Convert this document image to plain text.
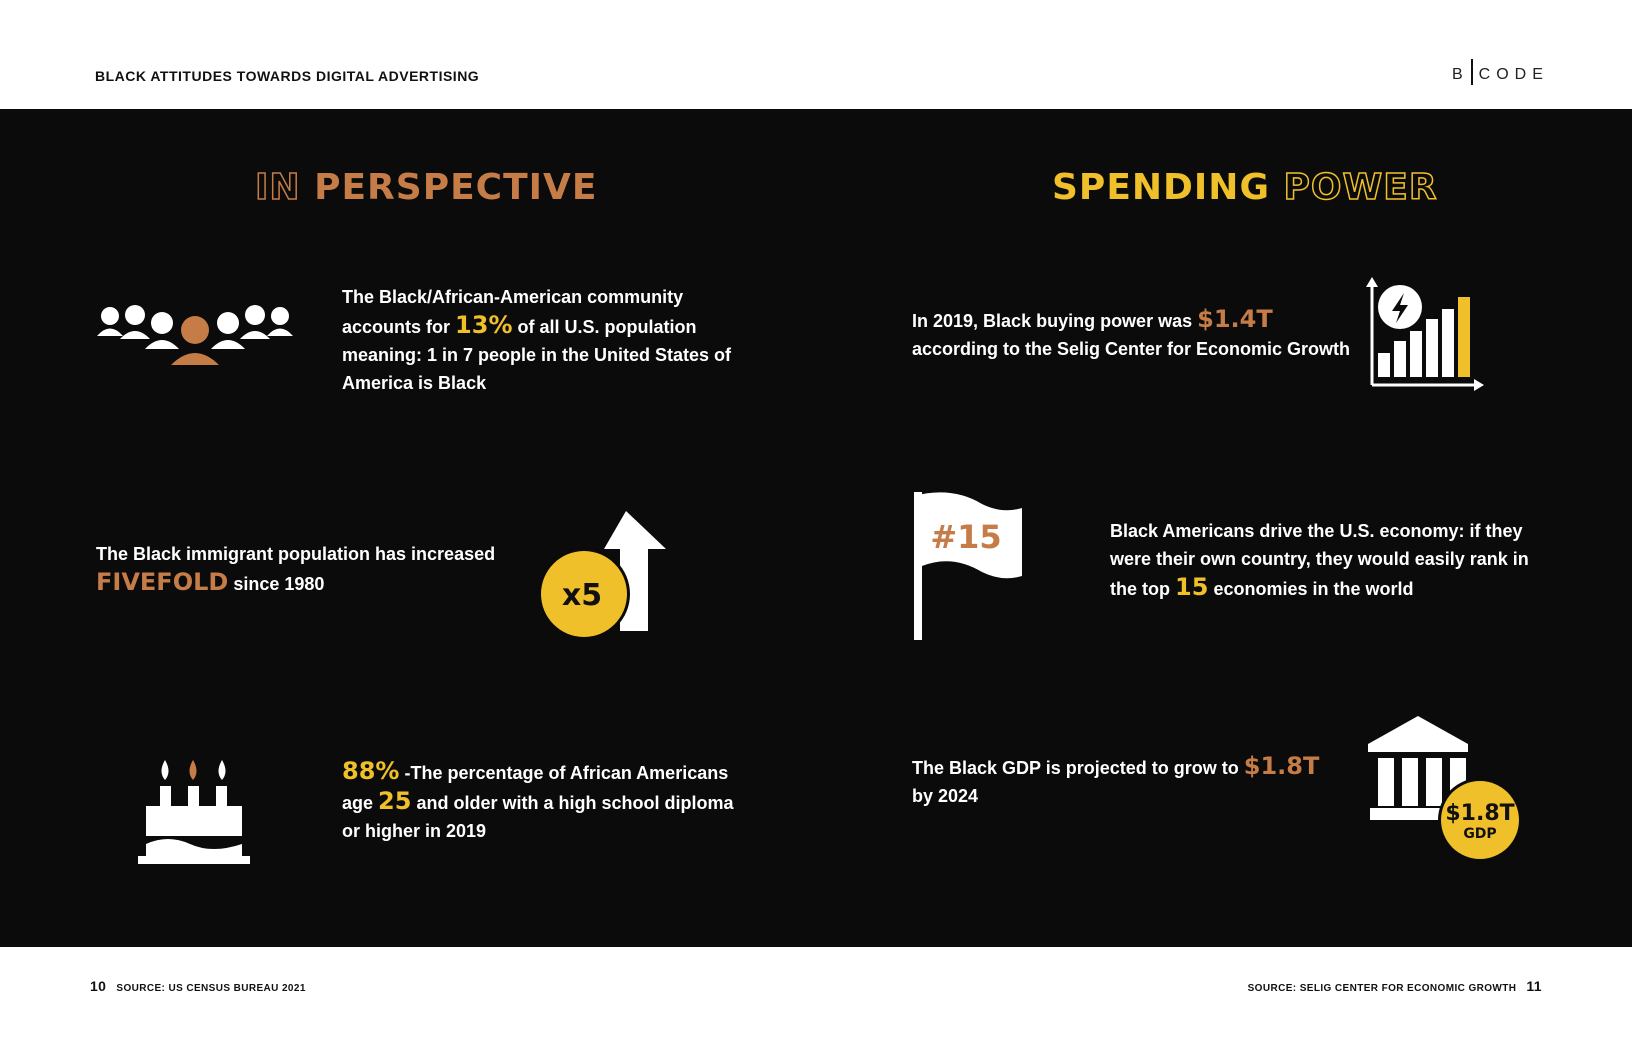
BLACK ATTITUDES TOWARDS DIGITAL ADVERTISING	B CODE
IN PERSPECTIVE	SPENDING POWER
The Black/African-American community
accounts for 13% of all U.S. population
meaning: 1 in 7 people in the United States of
America is Black
The Black immigrant population has increased
FIVEFOLD since 1980	x5
88% -The percentage of African Americans
age 25 and older with a high school diploma
or higher in 2019
In 2019, Black buying power was $1.4T
according to the Selig Center for Economic Growth
#15	Black Americans drive the U.S. economy: if they
were their own country, they would easily rank in
the top 15 economies in the world
The Black GDP is projected to grow to $1.8T
by 2024
$1.8T
GDP
10 SOURCE: US CENSUS BUREAU 2021	SOURCE: SELIG CENTER FOR ECONOMIC GROWTH 11
